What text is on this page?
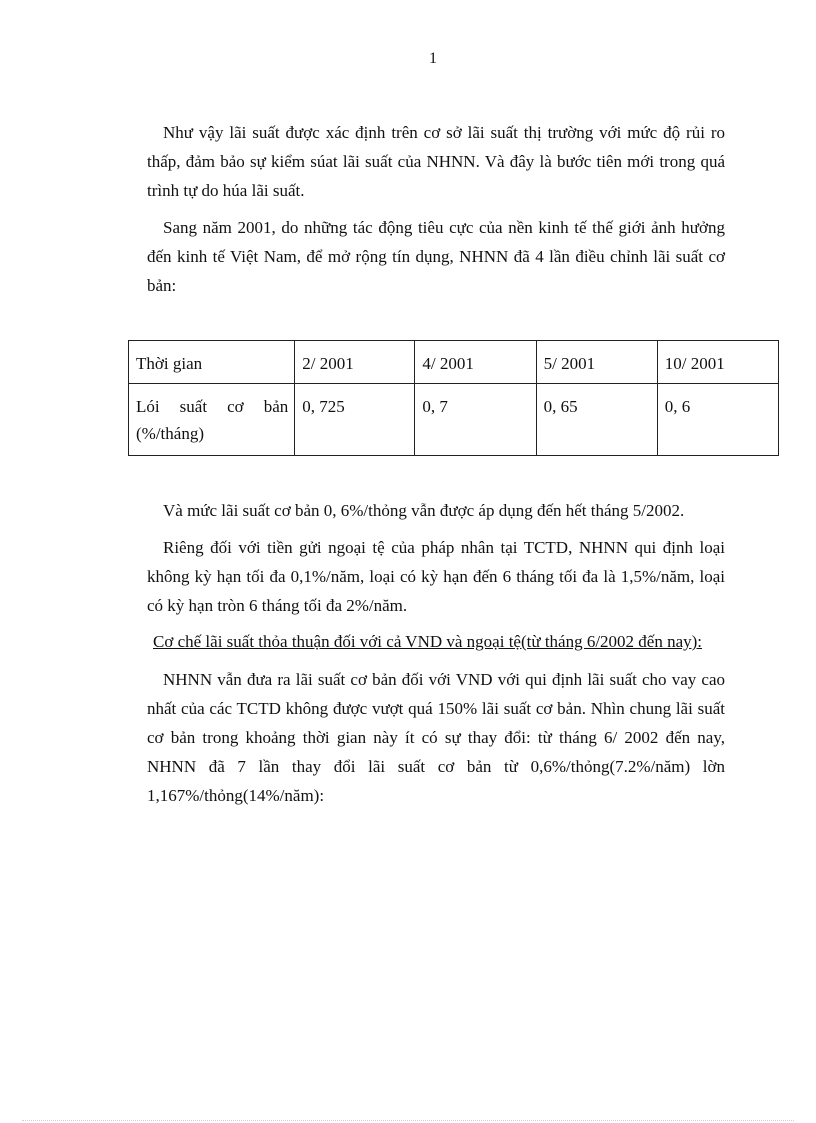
1

Như vậy lãi suất được xác định trên cơ sở lãi suất thị trường với mức độ rủi ro thấp, đảm bảo sự kiểm súat lãi suất của NHNN. Và đây là bước tiên mới trong quá trình tự do húa lãi suất.

Sang năm 2001, do những tác động tiêu cực của nền kinh tế thế giới ảnh hưởng đến kinh tế Việt Nam, để mở rộng tín dụng, NHNN đã 4 lần điều chỉnh lãi suất cơ bản:

Thời gian	2/ 2001	4/ 2001	5/ 2001	10/ 2001

Lói suất cơ bản
(%/tháng)	0, 725	0, 7	0, 65	0, 6

Và mức lãi suất cơ bản 0, 6%/thỏng vẫn được áp dụng đến hết tháng 5/2002.

Riêng đối với tiền gửi ngoại tệ của pháp nhân tại TCTD, NHNN qui định loại không kỳ hạn tối đa 0,1%/năm, loại có kỳ hạn đến 6 tháng tối đa là 1,5%/năm, loại có kỳ hạn tròn 6 tháng tối đa 2%/năm.

Cơ chế lãi suất thỏa thuận đối với cả VND và ngoại tệ(từ tháng 6/2002 đến nay):

NHNN vẫn đưa ra lãi suất cơ bản đối với VND với qui định lãi suất cho vay cao nhất của các TCTD không được vượt quá 150% lãi suất cơ bản. Nhìn chung lãi suất cơ bản trong khoảng thời gian này ít có sự thay đổi: từ tháng 6/ 2002 đến nay, NHNN đã 7 lần thay đổi lãi suất cơ bản từ 0,6%/thỏng(7.2%/năm) lờn 1,167%/thỏng(14%/năm):
